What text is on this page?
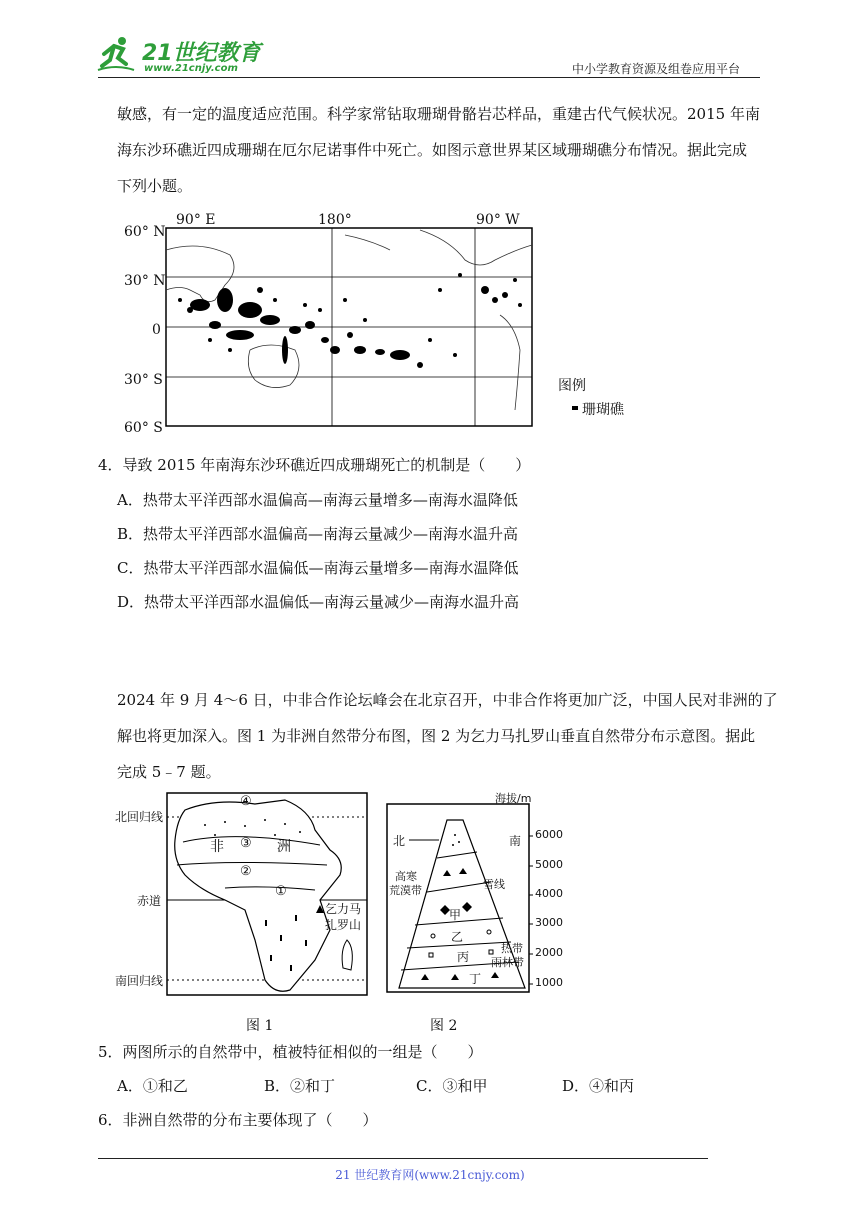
21世纪教育
www.21cnjy.com	中小学教育资源及组卷应用平台
敏感，有一定的温度适应范围。科学家常钻取珊瑚骨骼岩芯样品，重建古代气候状况。2015 年南
海东沙环礁近四成珊瑚在厄尔尼诺事件中死亡。如图示意世界某区域珊瑚礁分布情况。据此完成
下列小题。
90° E	180°	90° W
60° N
30° N
0
30° S
60° S
图例
珊瑚礁
4．导致 2015 年南海东沙环礁近四成珊瑚死亡的机制是（　　）
A．热带太平洋西部水温偏高—南海云量增多—南海水温降低
B．热带太平洋西部水温偏高—南海云量减少—南海水温升高
C．热带太平洋西部水温偏低—南海云量增多—南海水温降低
D．热带太平洋西部水温偏低—南海云量减少—南海水温升高
2024 年 9 月 4～6 日，中非合作论坛峰会在北京召开，中非合作将更加广泛，中国人民对非洲的了
解也将更加深入。图 1 为非洲自然带分布图，图 2 为乞力马扎罗山垂直自然带分布示意图。据此
完成 5﹣7 题。
北回归线
赤道
南回归线
④
非 ③ 洲
②
①
乞力马
扎罗山
图 1
海拔/m
6000
5000
4000
3000
2000
1000
北	南
高寒
荒漠带	雪线
甲
乙
丙
丁
热带
雨林带
图 2
5．两图所示的自然带中，植被特征相似的一组是（　　）
A．①和乙	B．②和丁	C．③和甲	D．④和丙
6．非洲自然带的分布主要体现了（　　）
21 世纪教育网(www.21cnjy.com)
